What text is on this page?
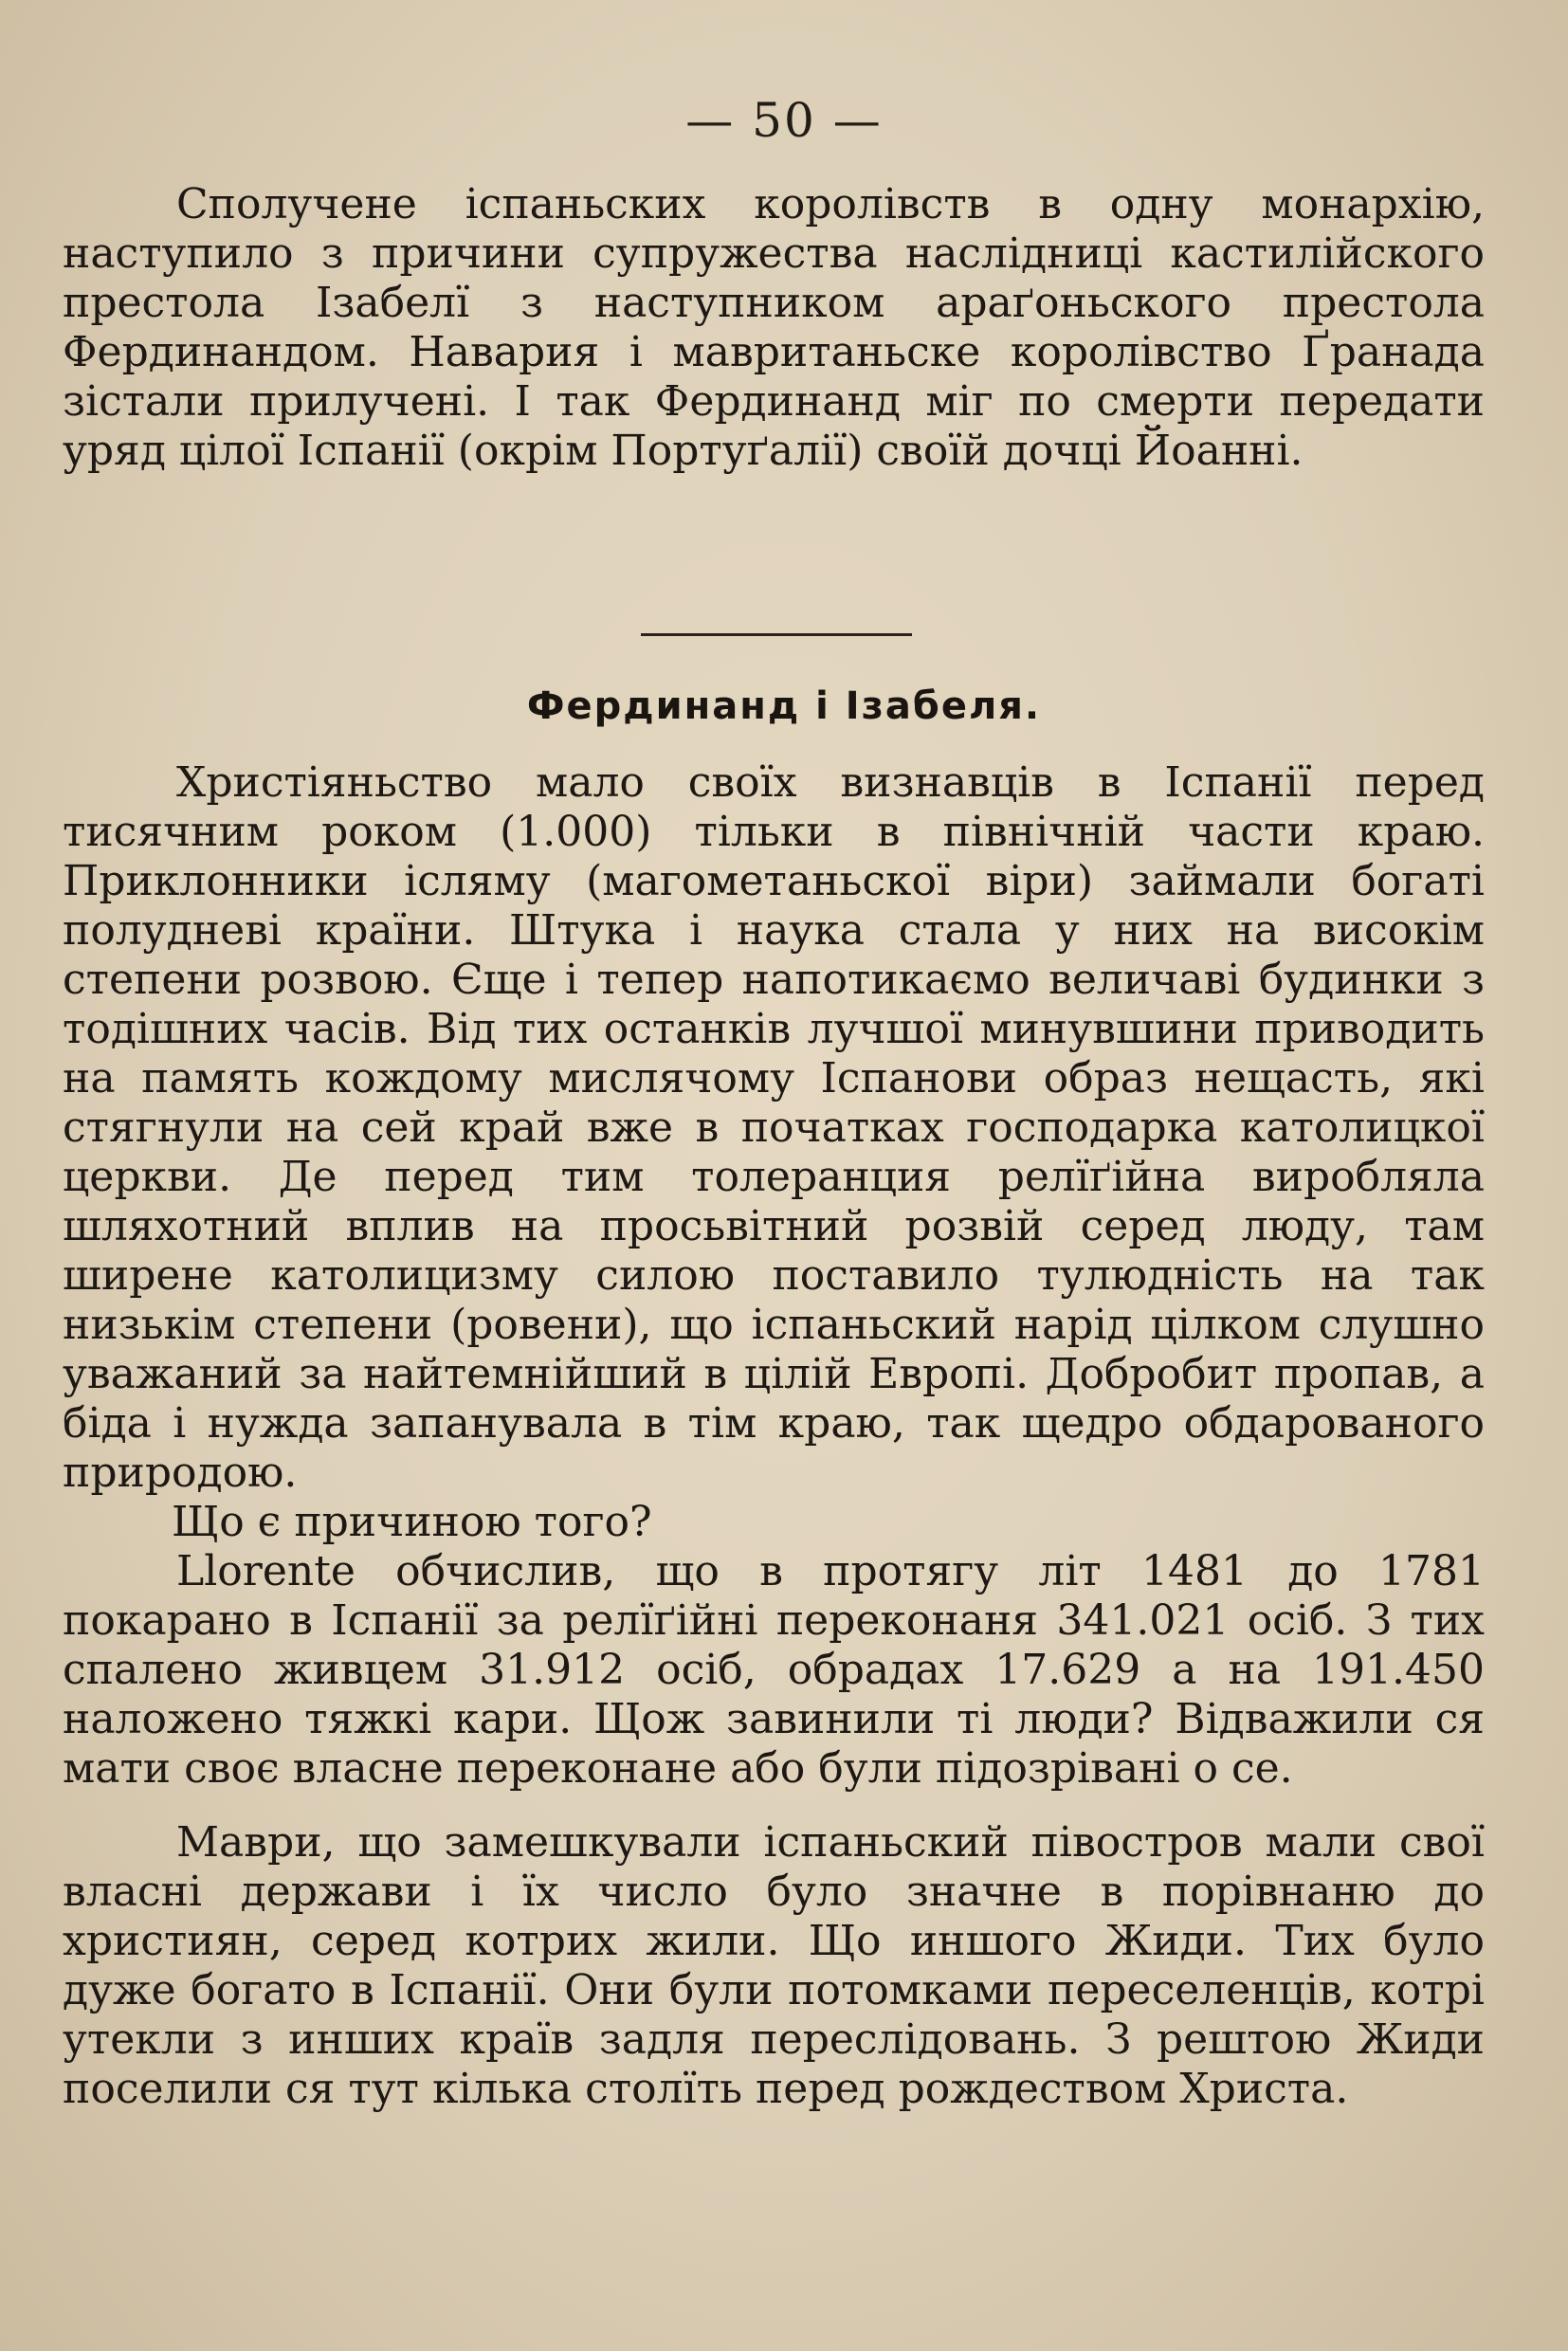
— 50 —

Сполучене іспаньских королівств в одну монархію, наступило з причини супружества наслідниці кастилійского престола Ізабелї з наступником араґоньского престола Фердинандом. Навария і мавританьске королівство Ґранада зістали прилучені. І так Фердинанд міг по смерти передати уряд цілої Іспанії (окрім Портуґалії) своїй дочці Йоанні.

Фердинанд і Ізабеля.

Христіяньство мало своїх визнавців в Іспанії перед тисячним роком (1.000) тільки в північній части краю. Приклонники ісляму (магометаньскої віри) займали богаті полудневі країни. Штука і наука стала у них на високім степени розвою. Єще і тепер напотикаємо величаві будинки з тодішних часів. Від тих останків лучшої минувшини приводить на память кождому мислячому Іспанови образ нещасть, які стягнули на сей край вже в початках господарка католицкої церкви. Де перед тим толеранция релїґійна виробляла шляхотний вплив на просьвітний розвій серед люду, там ширене католицизму силою поставило тулюдність на так низькім степени (ровени), що іспаньский нарід цілком слушно уважаний за найтемнійший в цілій Европі. Добробит пропав, а біда і нужда запанувала в тім краю, так щедро обдарованого природою.

Що є причиною того?

Llorente обчислив, що в протягу літ 1481 до 1781 покарано в Іспанії за релїґійні переконаня 341.021 осіб. З тих спалено живцем 31.912 осіб, обрадах 17.629 а на 191.450 наложено тяжкі кари. Щож завинили ті люди? Відважили ся мати своє власне переконане або були підозрівані о се.

Маври, що замешкували іспаньский півостров мали свої власні держави і їх число було значне в порівнаню до християн, серед котрих жили. Що иншого Жиди. Тих було дуже богато в Іспанії. Они були потомками переселенців, котрі утекли з инших країв задля переслідовань. З рештою Жиди поселили ся тут кілька столїть перед рождеством Христа.
